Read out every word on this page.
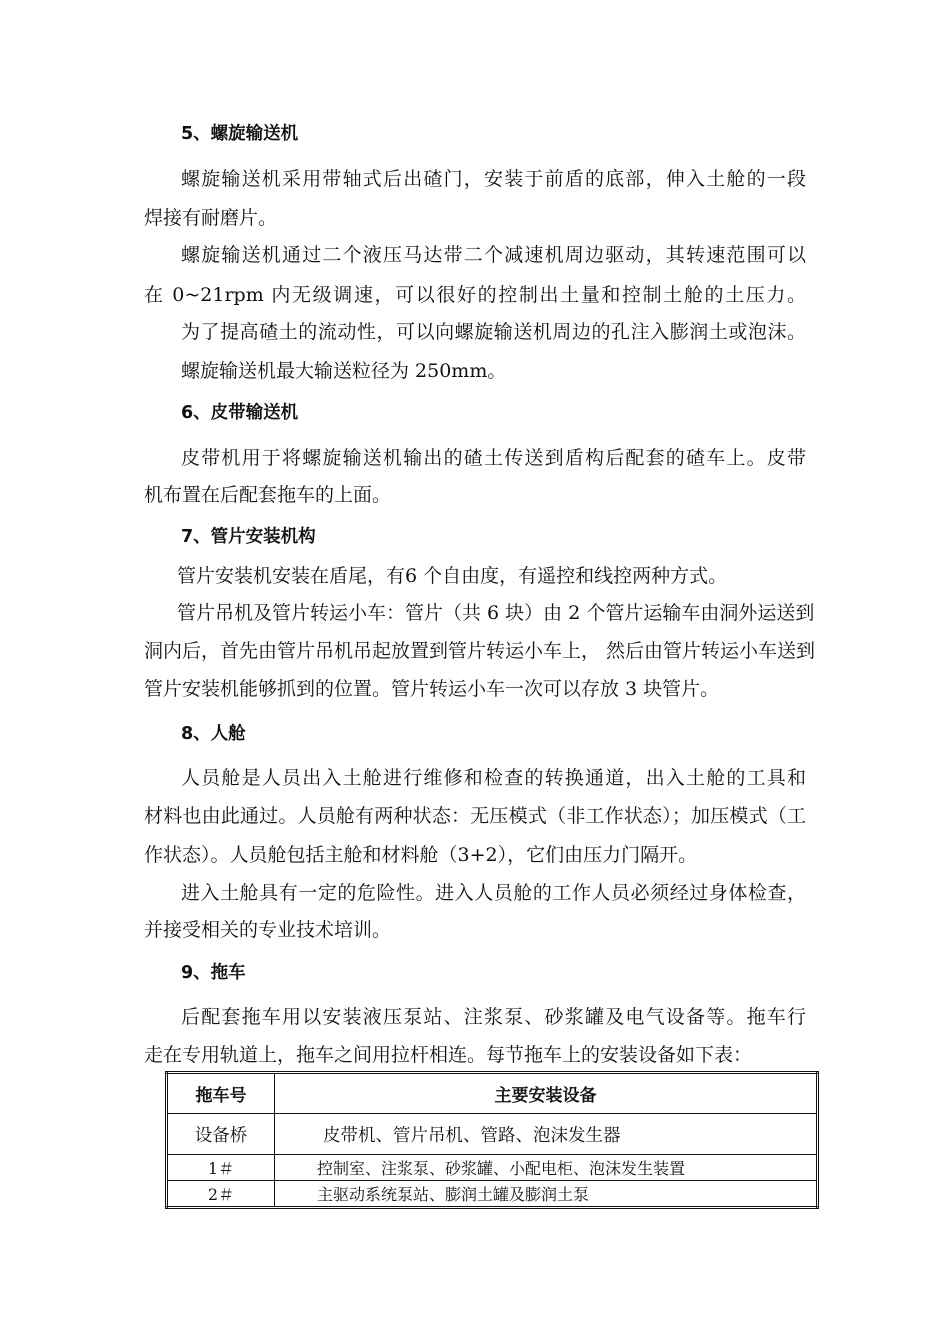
5、螺旋输送机
螺旋输送机采用带轴式后出碴门，安装于前盾的底部，伸入土舱的一段
焊接有耐磨片。
螺旋输送机通过二个液压马达带二个减速机周边驱动，其转速范围可以
在 0~21rpm 内无级调速，可以很好的控制出土量和控制土舱的土压力。
为了提高碴土的流动性，可以向螺旋输送机周边的孔注入膨润土或泡沫。
螺旋输送机最大输送粒径为 250mm。
6、皮带输送机
皮带机用于将螺旋输送机输出的碴土传送到盾构后配套的碴车上。皮带
机布置在后配套拖车的上面。
7、管片安装机构
管片安装机安装在盾尾，有6 个自由度，有遥控和线控两种方式。
管片吊机及管片转运小车：管片（共 6 块）由 2 个管片运输车由洞外运送到
洞内后，首先由管片吊机吊起放置到管片转运小车上， 然后由管片转运小车送到
管片安装机能够抓到的位置。管片转运小车一次可以存放 3 块管片。
8、人舱
人员舱是人员出入土舱进行维修和检查的转换通道，出入土舱的工具和
材料也由此通过。人员舱有两种状态：无压模式（非工作状态）；加压模式（工
作状态）。人员舱包括主舱和材料舱（3+2），它们由压力门隔开。
进入土舱具有一定的危险性。进入人员舱的工作人员必须经过身体检查，
并接受相关的专业技术培训。
9、拖车
后配套拖车用以安装液压泵站、注浆泵、砂浆罐及电气设备等。拖车行
走在专用轨道上，拖车之间用拉杆相连。每节拖车上的安装设备如下表：
拖车号	主要安装设备
设备桥	皮带机、管片吊机、管路、泡沫发生器
1＃	控制室、注浆泵、砂浆罐、小配电柜、泡沫发生装置
2＃	主驱动系统泵站、膨润土罐及膨润土泵
